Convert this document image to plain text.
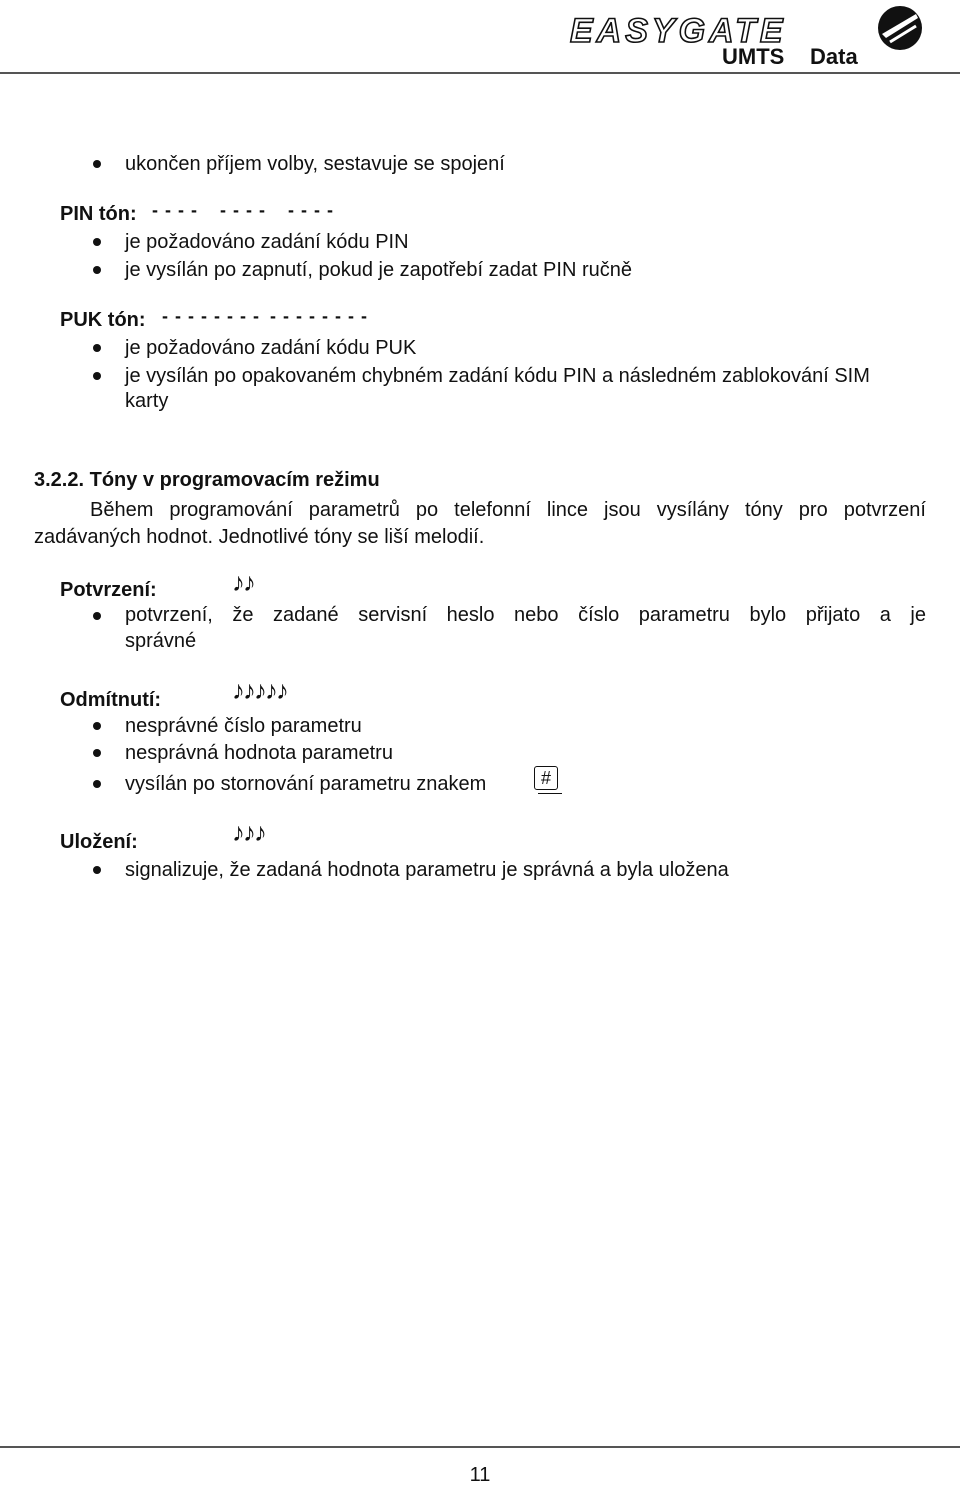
EASYGATE
UMTS Data
ukončen příjem volby, sestavuje se spojení
PIN tón: - - - - - - - - - - - -
je požadováno zadání kódu PIN
je vysílán po zapnutí, pokud je zapotřebí zadat PIN ručně
PUK tón: - - - - - - - - - - - - - - - -
je požadováno zadání kódu PUK
je vysílán po opakovaném chybném zadání kódu PIN a následném zablokování SIM
karty
3.2.2. Tóny v programovacím režimu
Během programování parametrů po telefonní lince jsou vysílány tóny pro potvrzení
zadávaných hodnot. Jednotlivé tóny se liší melodií.
Potvrzení:	♪♪
potvrzení, že zadané servisní heslo nebo číslo parametru bylo přijato a je
správné
Odmítnutí:	♪♪♪♪♪
nesprávné číslo parametru
nesprávná hodnota parametru
vysílán po stornování parametru znakem	#
Uložení:	♪♪♪
signalizuje, že zadaná hodnota parametru je správná a byla uložena
11
